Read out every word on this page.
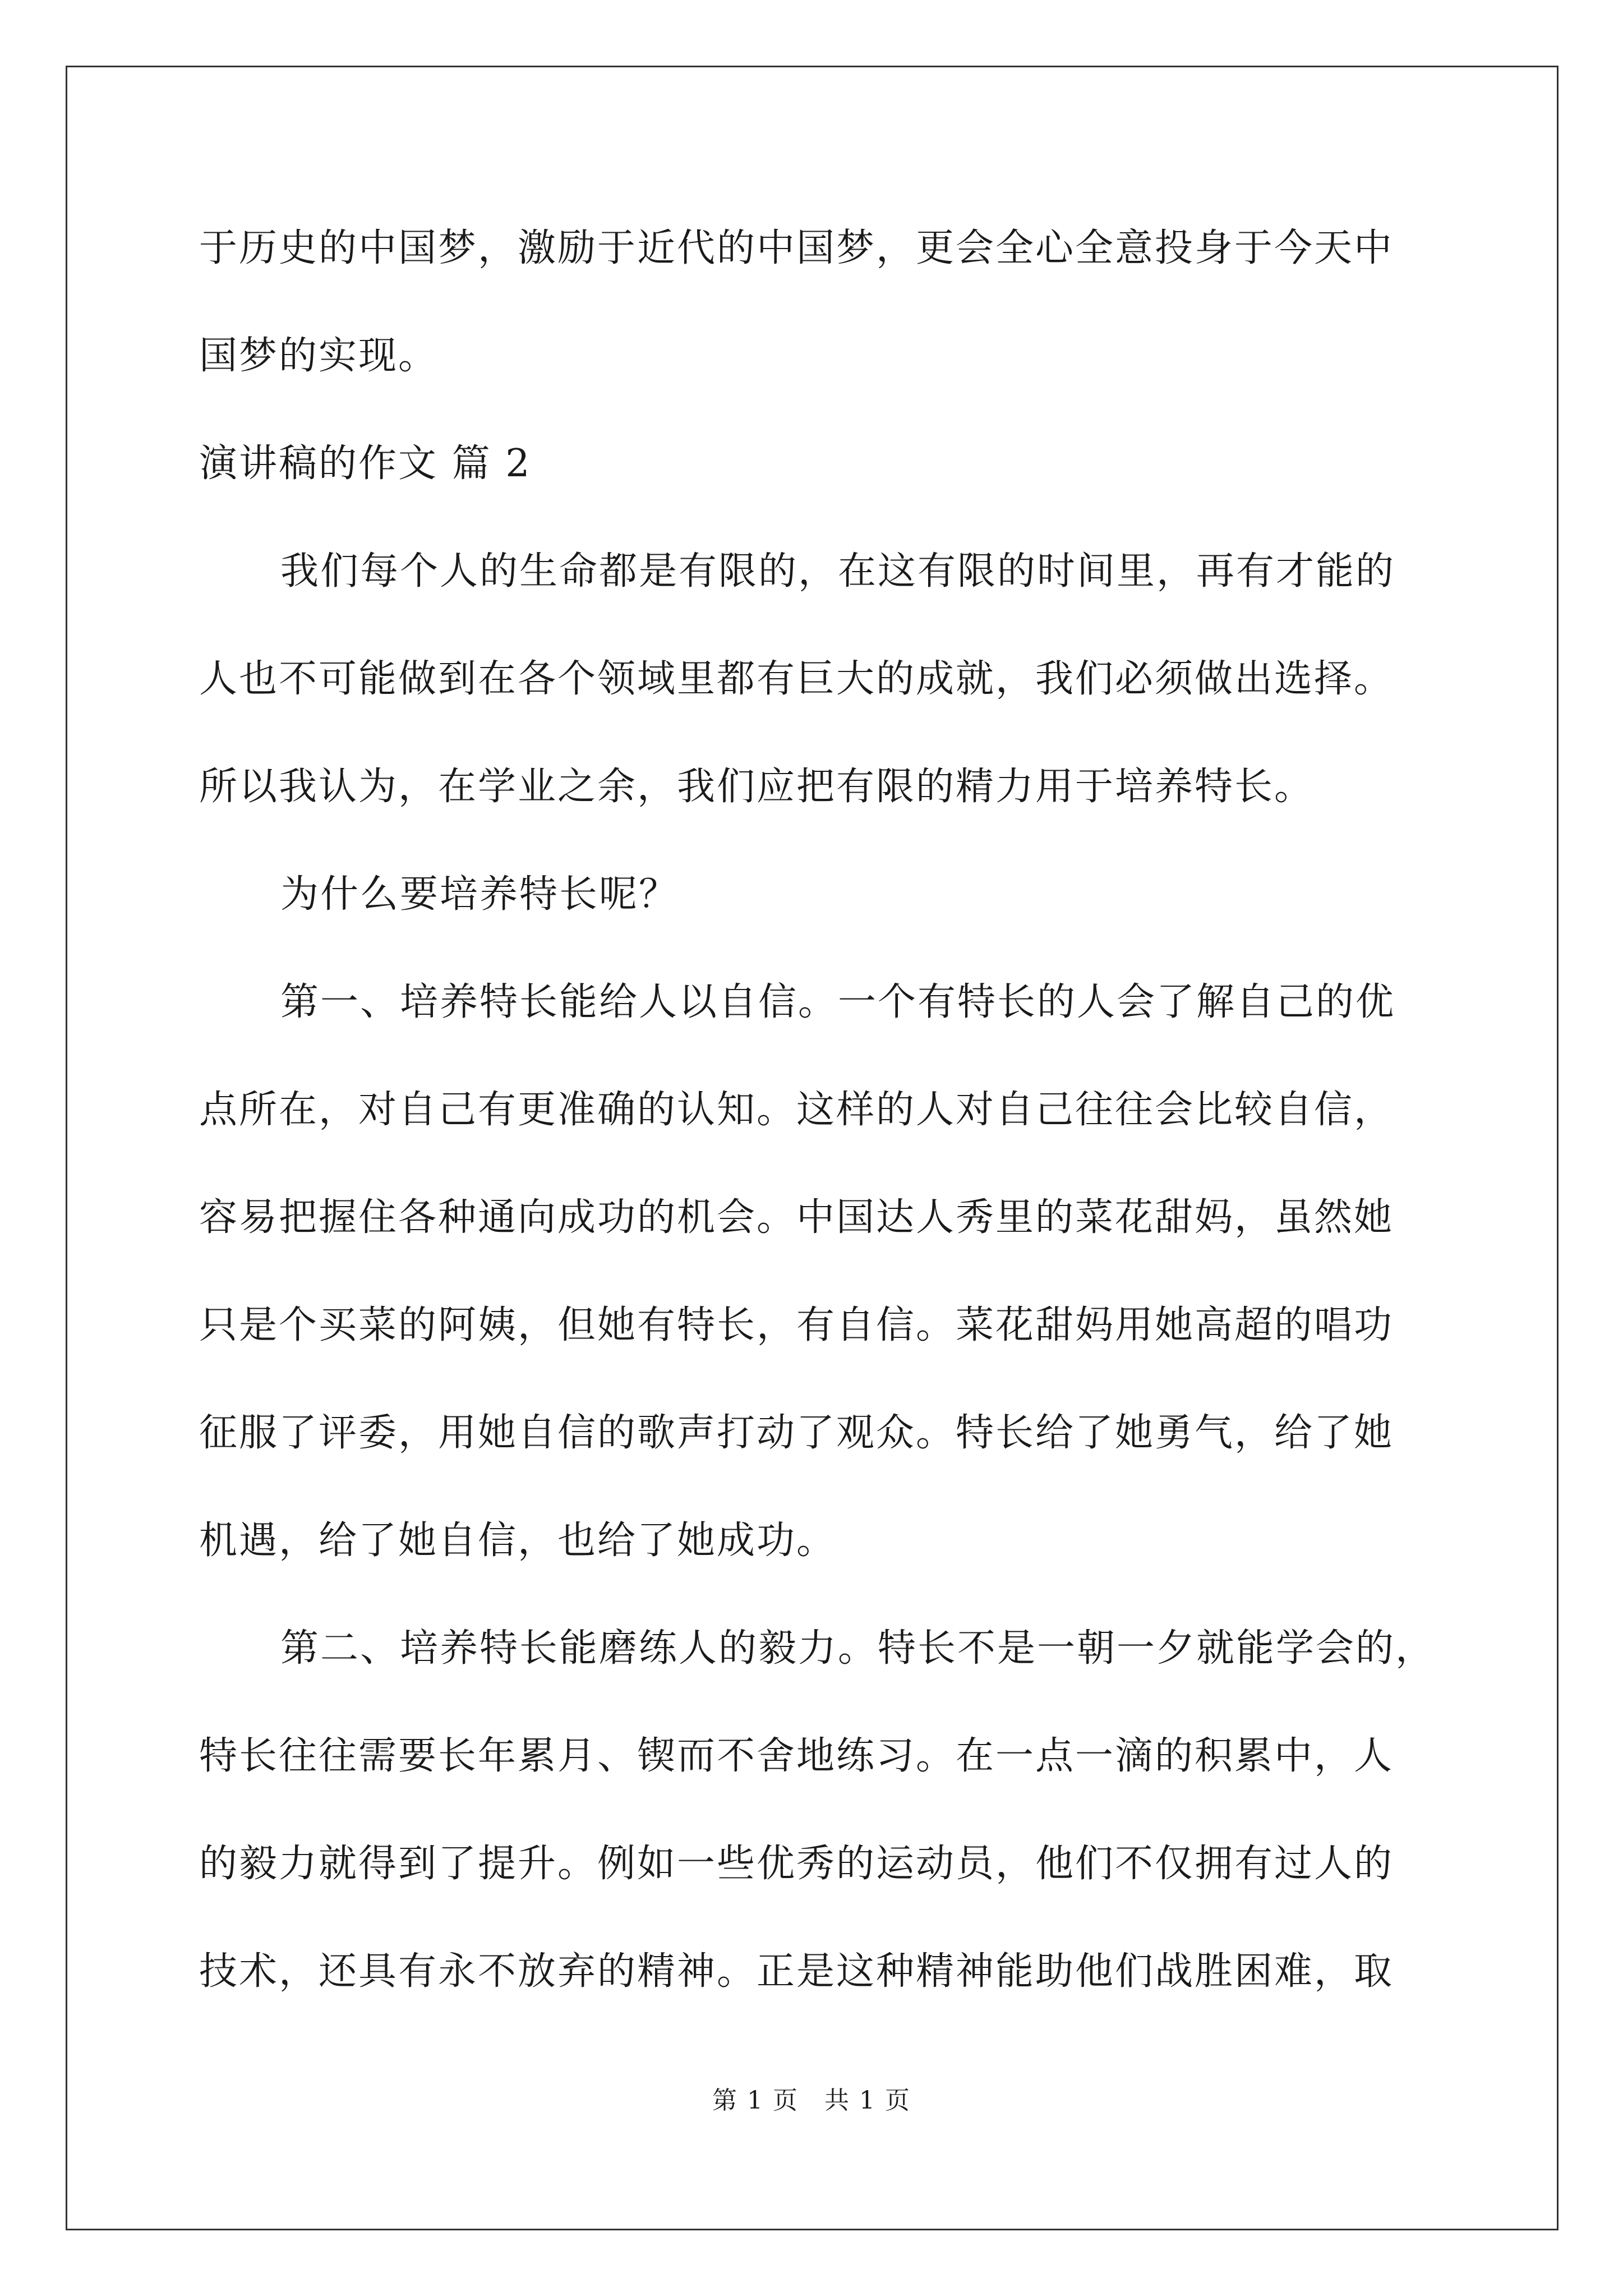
于历史的中国梦，激励于近代的中国梦，更会全心全意投身于今天中
国梦的实现。
演讲稿的作文 篇 2
我们每个人的生命都是有限的，在这有限的时间里，再有才能的
人也不可能做到在各个领域里都有巨大的成就，我们必须做出选择。
所以我认为，在学业之余，我们应把有限的精力用于培养特长。
为什么要培养特长呢？
第一、培养特长能给人以自信。一个有特长的人会了解自己的优
点所在，对自己有更准确的认知。这样的人对自己往往会比较自信，
容易把握住各种通向成功的机会。中国达人秀里的菜花甜妈，虽然她
只是个买菜的阿姨，但她有特长，有自信。菜花甜妈用她高超的唱功
征服了评委，用她自信的歌声打动了观众。特长给了她勇气，给了她
机遇，给了她自信，也给了她成功。
第二、培养特长能磨练人的毅力。特长不是一朝一夕就能学会的，
特长往往需要长年累月、锲而不舍地练习。在一点一滴的积累中，人
的毅力就得到了提升。例如一些优秀的运动员，他们不仅拥有过人的
技术，还具有永不放弃的精神。正是这种精神能助他们战胜困难，取
第 1 页　共 1 页
